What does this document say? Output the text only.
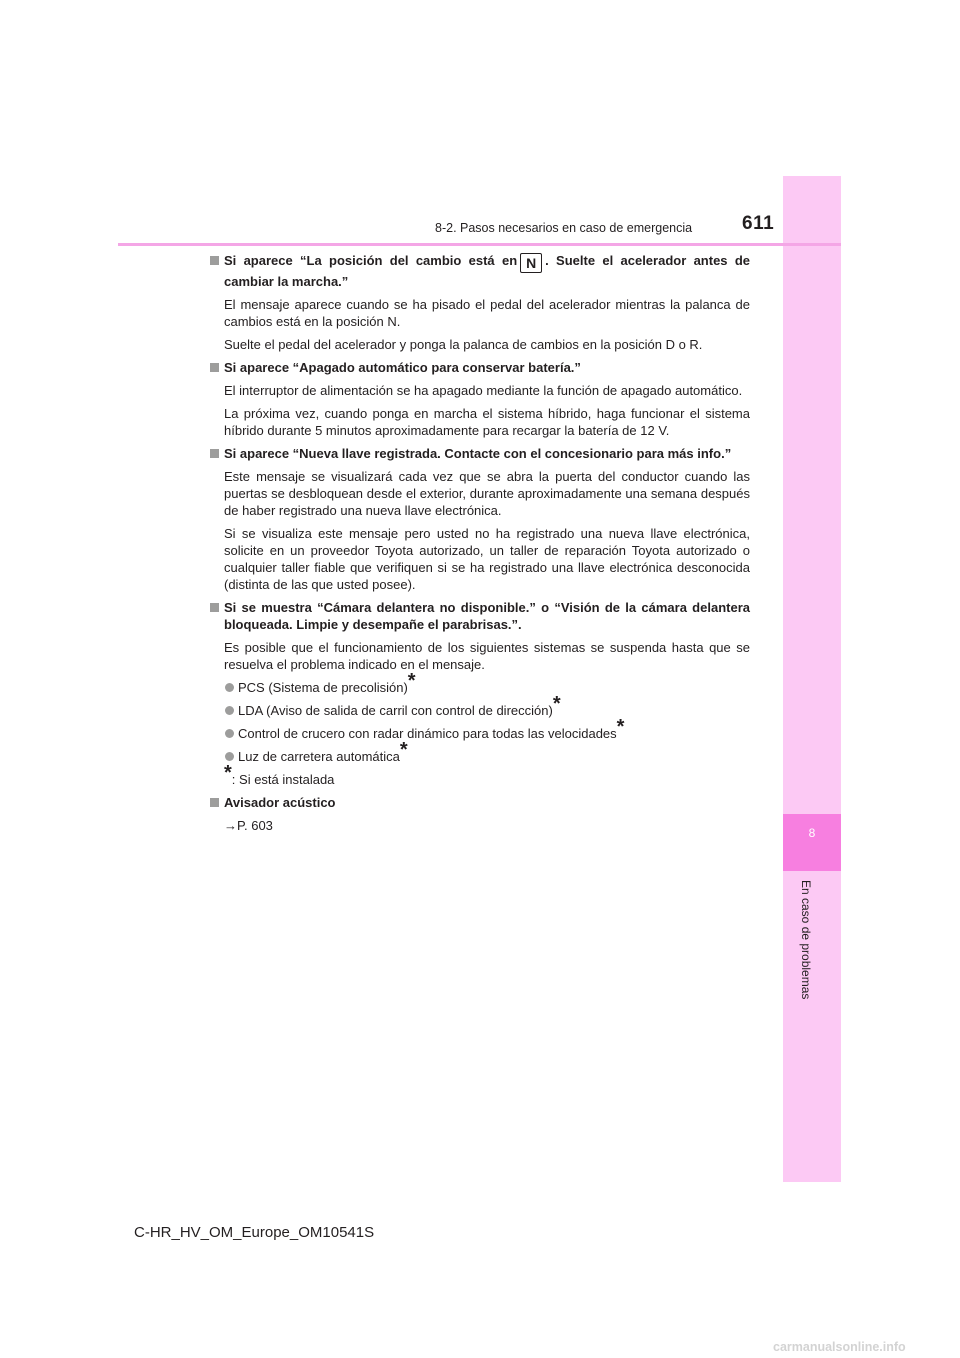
8
En caso de problemas
8-2. Pasos necesarios en caso de emergencia	611
Si aparece “La posición del cambio está en N . Suelte el acelerador antes de cambiar la marcha.”

El mensaje aparece cuando se ha pisado el pedal del acelerador mientras la palanca de cambios está en la posición N.

Suelte el pedal del acelerador y ponga la palanca de cambios en la posición D o R.

Si aparece “Apagado automático para conservar batería.”

El interruptor de alimentación se ha apagado mediante la función de apagado automático.

La próxima vez, cuando ponga en marcha el sistema híbrido, haga funcionar el sistema híbrido durante 5 minutos aproximadamente para recargar la batería de 12 V.

Si aparece “Nueva llave registrada. Contacte con el concesionario para más info.”

Este mensaje se visualizará cada vez que se abra la puerta del conductor cuando las puertas se desbloquean desde el exterior, durante aproximadamente una semana después de haber registrado una nueva llave electrónica.

Si se visualiza este mensaje pero usted no ha registrado una nueva llave electrónica, solicite en un proveedor Toyota autorizado, un taller de reparación Toyota autorizado o cualquier taller fiable que verifiquen si se ha registrado una llave electrónica desconocida (distinta de las que usted posee).

Si se muestra “Cámara delantera no disponible.” o “Visión de la cámara delantera bloqueada. Limpie y desempañe el parabrisas.”.

Es posible que el funcionamiento de los siguientes sistemas se suspenda hasta que se resuelva el problema indicado en el mensaje.

PCS (Sistema de precolisión)*
LDA (Aviso de salida de carril con control de dirección)*
Control de crucero con radar dinámico para todas las velocidades*
Luz de carretera automática*
*: Si está instalada
Avisador acústico

→P. 603

C-HR_HV_OM_Europe_OM10541S
carmanualsonline.info
